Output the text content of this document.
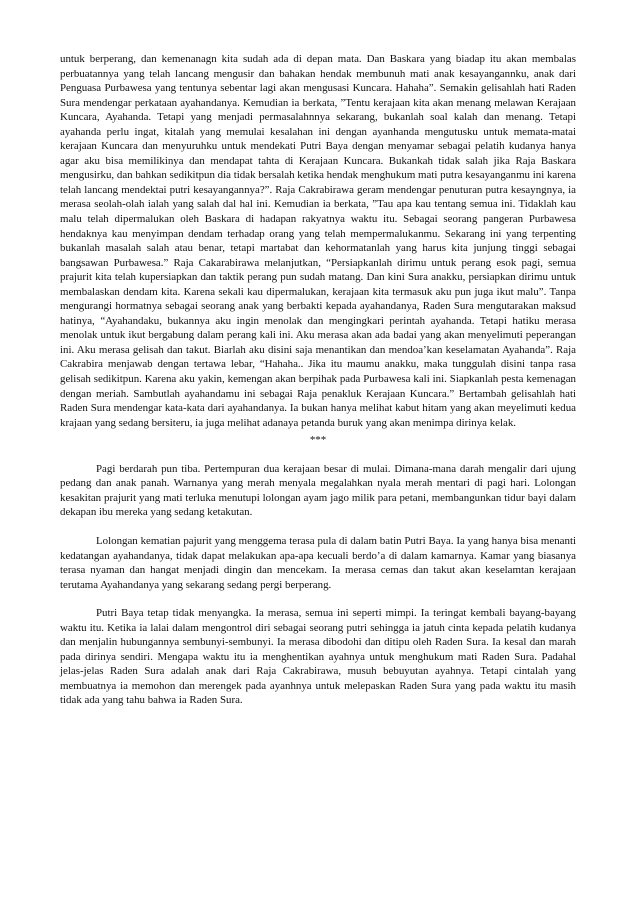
untuk berperang, dan kemenanagn kita sudah ada di depan mata. Dan Baskara yang biadap itu akan membalas perbuatannya yang telah lancang mengusir dan bahakan hendak membunuh mati anak kesayangannku, anak dari Penguasa Purbawesa yang tentunya sebentar lagi akan mengusasi Kuncara. Hahaha”. Semakin gelisahlah hati Raden Sura mendengar perkataan ayahandanya. Kemudian ia berkata, ”Tentu kerajaan kita akan menang melawan Kerajaan Kuncara, Ayahanda. Tetapi yang menjadi permasalahnnya sekarang, bukanlah soal kalah dan menang. Tetapi ayahanda perlu ingat, kitalah yang memulai kesalahan ini dengan ayanhanda mengutusku untuk memata-matai kerajaan Kuncara dan menyuruhku untuk mendekati Putri Baya dengan menyamar sebagai pelatih kudanya hanya agar aku bisa memilikinya dan mendapat tahta di Kerajaan Kuncara. Bukankah tidak salah jika Raja Baskara mengusirku, dan bahkan sedikitpun dia tidak bersalah ketika hendak menghukum mati putra kesayanganmu ini karena telah lancang mendektai putri kesayangannya?”. Raja Cakrabirawa geram mendengar penuturan putra kesayngnya, ia merasa seolah-olah ialah yang salah dal hal ini. Kemudian ia berkata, ”Tau apa kau tentang semua ini. Tidaklah kau malu telah dipermalukan oleh Baskara di hadapan rakyatnya waktu itu. Sebagai seorang pangeran Purbawesa hendaknya kau menyimpan dendam terhadap orang yang telah mempermalukanmu. Sekarang ini yang terpenting bukanlah masalah salah atau benar, tetapi martabat dan kehormatanlah yang harus kita junjung tinggi sebagai bangsawan Purbawesa.” Raja Cakarabirawa melanjutkan, “Persiapkanlah dirimu untuk perang esok pagi, semua prajurit kita telah kupersiapkan dan taktik perang pun sudah matang. Dan kini Sura anakku, persiapkan dirimu untuk membalaskan dendam kita. Karena sekali kau dipermalukan, kerajaan kita termasuk aku pun juga ikut malu”. Tanpa mengurangi hormatnya sebagai seorang anak yang berbakti kepada ayahandanya, Raden Sura mengutarakan maksud hatinya, “Ayahandaku, bukannya aku ingin menolak dan mengingkari perintah ayahanda. Tetapi hatiku merasa menolak untuk ikut bergabung dalam perang kali ini. Aku merasa akan ada badai yang akan menyelimuti peperangan ini. Aku merasa gelisah dan takut. Biarlah aku disini saja menantikan dan mendoa’kan keselamatan Ayahanda”. Raja Cakrabira menjawab dengan tertawa lebar, “Hahaha.. Jika itu maumu anakku, maka tunggulah disini tanpa rasa gelisah sedikitpun. Karena aku yakin, kemengan akan berpihak pada Purbawesa kali ini. Siapkanlah pesta kemenagan dengan meriah. Sambutlah ayahandamu ini sebagai Raja penakluk Kerajaan Kuncara.” Bertambah gelisahlah hati Raden Sura mendengar kata-kata dari ayahandanya. Ia bukan hanya melihat kabut hitam yang akan meyelimuti kedua krajaan yang sedang bersiteru, ia juga melihat adanaya petanda buruk yang akan menimpa dirinya kelak.

***

Pagi berdarah pun tiba. Pertempuran dua kerajaan besar di mulai. Dimana-mana darah mengalir dari ujung pedang dan anak panah. Warnanya yang merah menyala megalahkan nyala merah mentari di pagi hari. Lolongan kesakitan prajurit yang mati terluka menutupi lolongan ayam jago milik para petani, membangunkan tidur bayi dalam dekapan ibu mereka yang sedang ketakutan.

Lolongan kematian pajurit yang menggema terasa pula di dalam batin Putri Baya. Ia yang hanya bisa menanti kedatangan ayahandanya, tidak dapat melakukan apa-apa kecuali berdo’a di dalam kamarnya. Kamar yang biasanya terasa nyaman dan hangat menjadi dingin dan mencekam. Ia merasa cemas dan takut akan keselamtan kerajaan terutama Ayahandanya yang sekarang sedang pergi berperang.

Putri Baya tetap tidak menyangka. Ia merasa, semua ini seperti mimpi. Ia teringat kembali bayang-bayang waktu itu. Ketika ia lalai dalam mengontrol diri sebagai seorang putri sehingga ia jatuh cinta kepada pelatih kudanya dan menjalin hubungannya sembunyi-sembunyi. Ia merasa dibodohi dan ditipu oleh Raden Sura. Ia kesal dan marah pada dirinya sendiri. Mengapa waktu itu ia menghentikan ayahnya untuk menghukum mati Raden Sura. Padahal jelas-jelas Raden Sura adalah anak dari Raja Cakrabirawa, musuh bebuyutan ayahnya. Tetapi cintalah yang membuatnya ia memohon dan merengek pada ayanhnya untuk melepaskan Raden Sura yang pada waktu itu masih tidak ada yang tahu bahwa ia Raden Sura.
